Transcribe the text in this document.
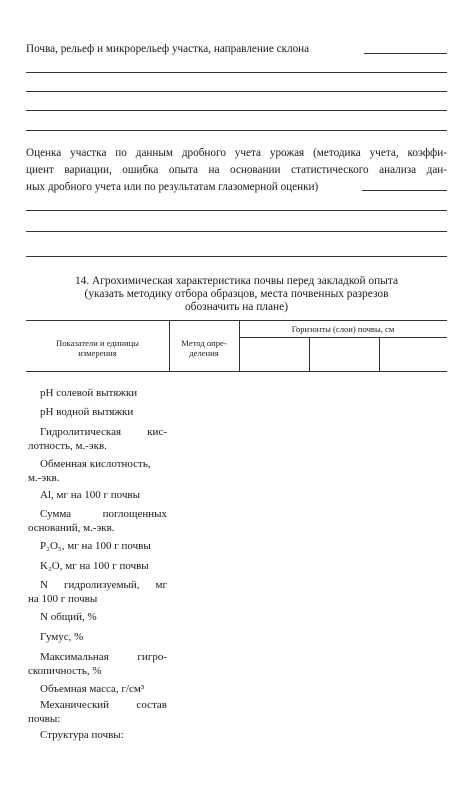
Почва, рельеф и микрорельеф участка, направление склона
Оценка участка по данным дробного учета урожая (методика учета, коэффи-
циент вариации, ошибка опыта на основании статистического анализа дан-
ных дробного учета или по результатам глазомерной оценки)
14. Агрохимическая характеристика почвы перед закладкой опыта
(указать методику отбора образцов, места почвенных разрезов
обозначить на плане)
Показатели и единицы
измерения
Метод опре-
деления
Горизонты (слои) почвы, см
pH солевой вытяжки
pH водной вытяжки
Гидролитическая кис-
лотность, м.-экв.
Обменная кислотность,
м.-экв.
Al, мг на 100 г почвы
Сумма поглощенных
оснований, м.-экв.
P₂O₅, мг на 100 г почвы
K₂O, мг на 100 г почвы
N гидролизуемый, мг
на 100 г почвы
N общий, %
Гумус, %
Максимальная гигро-
скопичность, %
Объемная масса, г/см³
Механический состав
почвы:
Структура почвы:
